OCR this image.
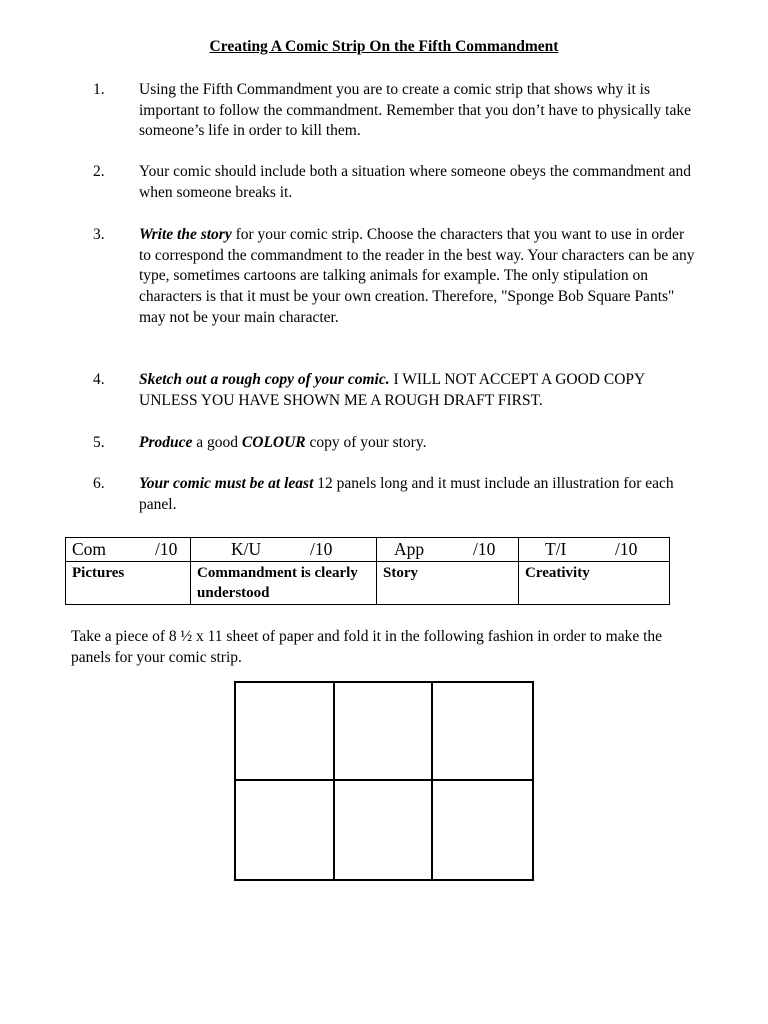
Creating A Comic Strip On the Fifth Commandment
1. Using the Fifth Commandment you are to create a comic strip that shows why it is important to follow the commandment. Remember that you don’t have to physically take someone’s life in order to kill them.
2. Your comic should include both a situation where someone obeys the commandment and when someone breaks it.
3. Write the story for your comic strip. Choose the characters that you want to use in order to correspond the commandment to the reader in the best way. Your characters can be any type, sometimes cartoons are talking animals for example. The only stipulation on characters is that it must be your own creation. Therefore, "Sponge Bob Square Pants" may not be your main character.
4. Sketch out a rough copy of your comic. I WILL NOT ACCEPT A GOOD COPY UNLESS YOU HAVE SHOWN ME A ROUGH DRAFT FIRST.
5. Produce a good COLOUR copy of your story.
6. Your comic must be at least 12 panels long and it must include an illustration for each panel.
Com /10	K/U /10	App /10	T/I /10

Pictures	Commandment is clearly understood	Story	Creativity
Take a piece of 8 ½ x 11 sheet of paper and fold it in the following fashion in order to make the panels for your comic strip.
